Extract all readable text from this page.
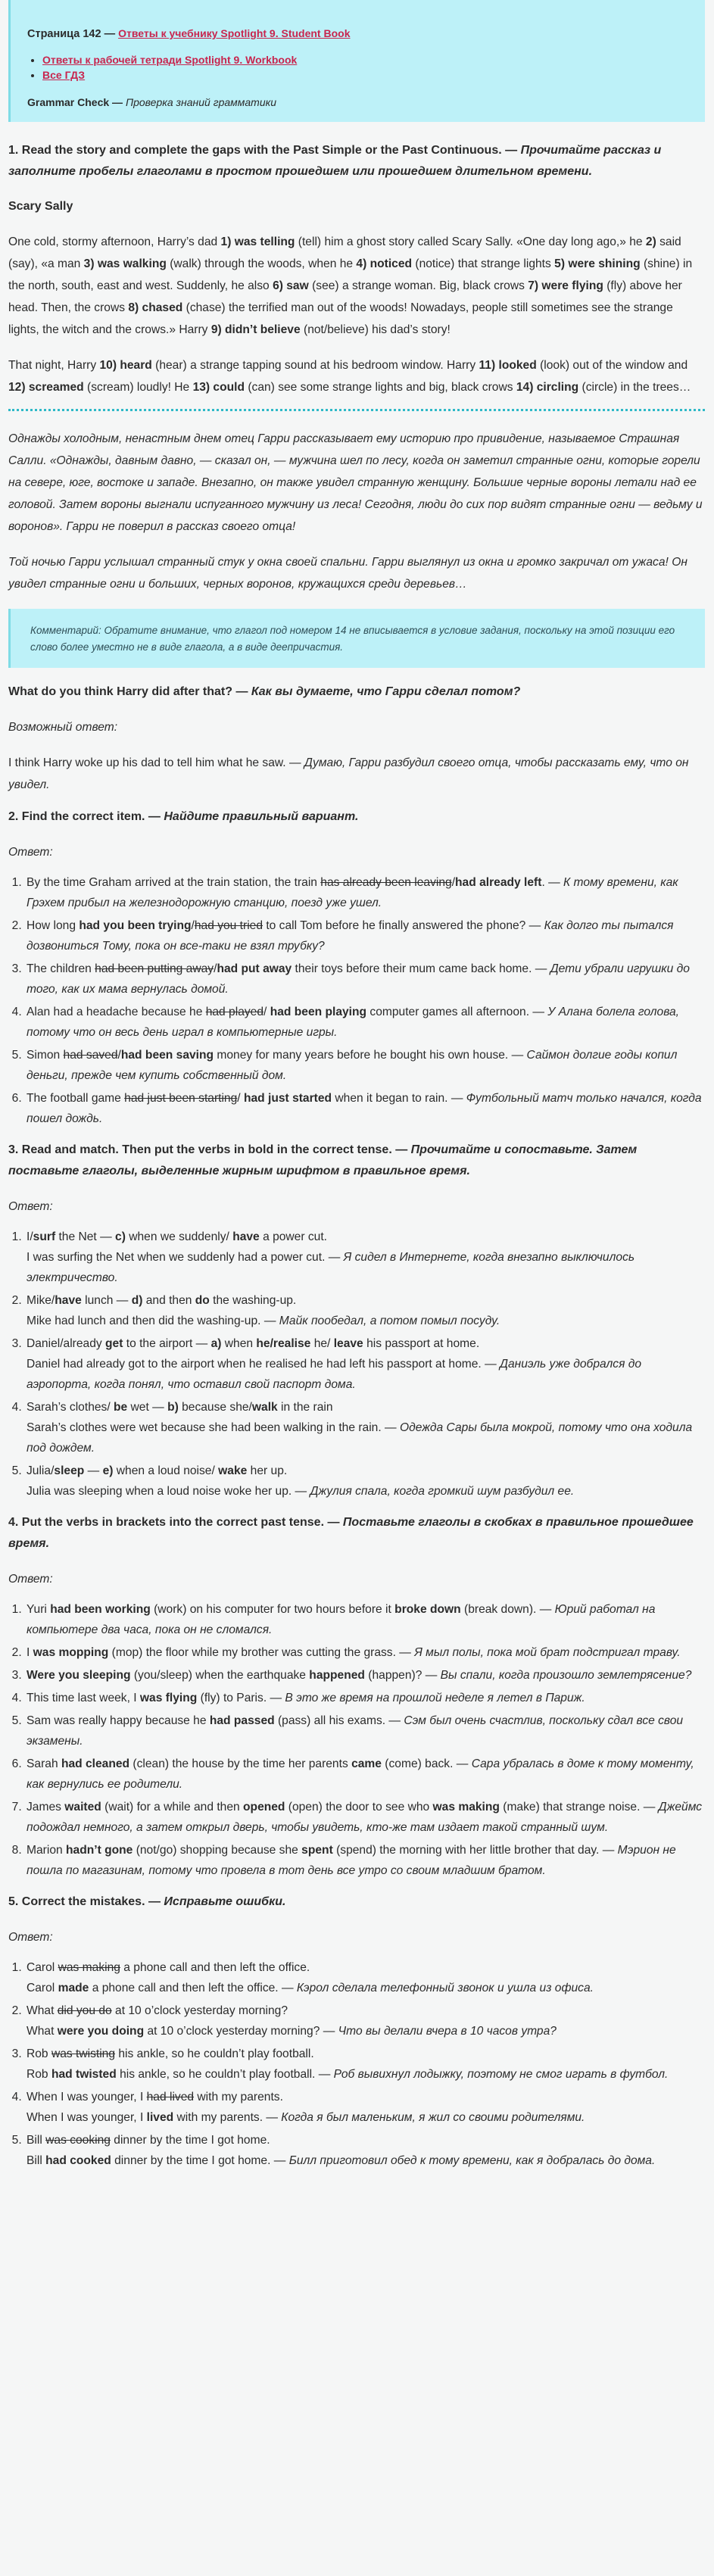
Страница 142 — Ответы к учебнику Spotlight 9. Student Book
• Ответы к рабочей тетради Spotlight 9. Workbook
• Все ГДЗ
Grammar Check — Проверка знаний грамматики
1. Read the story and complete the gaps with the Past Simple or the Past Continuous. — Прочитайте рассказ и заполните пробелы глаголами в простом прошедшем или прошедшем длительном времени.
Scary Sally

One cold, stormy afternoon, Harry’s dad 1) was telling (tell) him a ghost story called Scary Sally. «One day long ago,» he 2) said (say), «a man 3) was walking (walk) through the woods, when he 4) noticed (notice) that strange lights 5) were shining (shine) in the north, south, east and west. Suddenly, he also 6) saw (see) a strange woman. Big, black crows 7) were flying (fly) above her head. Then, the crows 8) chased (chase) the terrified man out of the woods! Nowadays, people still sometimes see the strange lights, the witch and the crows.» Harry 9) didn’t believe (not/believe) his dad’s story!

That night, Harry 10) heard (hear) a strange tapping sound at his bedroom window. Harry 11) looked (look) out of the window and 12) screamed (scream) loudly! He 13) could (can) see some strange lights and big, black crows 14) circling (circle) in the trees…

Однажды холодным, ненастным днем отец Гарри рассказывает ему историю про привидение, называемое Страшная Салли. «Однажды, давным давно, — сказал он, — мужчина шел по лесу, когда он заметил странные огни, которые горели на севере, юге, востоке и западе. Внезапно, он также увидел странную женщину. Большие черные вороны летали над ее головой. Затем вороны выгнали испуганного мужчину из леса! Сегодня, люди до сих пор видят странные огни — ведьму и воронов». Гарри не поверил в рассказ своего отца!

Той ночью Гарри услышал странный стук у окна своей спальни. Гарри выглянул из окна и громко закричал от ужаса! Он увидел странные огни и больших, черных воронов, кружащихся среди деревьев…

Комментарий: Обратите внимание, что глагол под номером 14 не вписывается в условие задания, поскольку на этой позиции его слово более уместно не в виде глагола, а в виде деепричастия.
What do you think Harry did after that? — Как вы думаете, что Гарри сделал потом?

Возможный ответ:

I think Harry woke up his dad to tell him what he saw. — Думаю, Гарри разбудил своего отца, чтобы рассказать ему, что он увидел.

2. Find the correct item. — Найдите правильный вариант.

Ответ:

1. By the time Graham arrived at the train station, the train has already been leaving/had already left. — К тому времени, как Грэхем прибыл на железнодорожную станцию, поезд уже ушел.
2. How long had you been trying/had you tried to call Tom before he finally answered the phone? — Как долго ты пытался дозвониться Тому, пока он все-таки не взял трубку?
3. The children had been putting away/had put away their toys before their mum came back home. — Дети убрали игрушки до того, как их мама вернулась домой.
4. Alan had a headache because he had played/ had been playing computer games all afternoon. — У Алана болела голова, потому что он весь день играл в компьютерные игры.
5. Simon had saved/had been saving money for many years before he bought his own house. — Саймон долгие годы копил деньги, прежде чем купить собственный дом.
6. The football game had just been starting/ had just started when it began to rain. — Футбольный матч только начался, когда пошел дождь.
3. Read and match. Then put the verbs in bold in the correct tense. — Прочитайте и сопоставьте. Затем поставьте глаголы, выделенные жирным шрифтом в правильное время.

Ответ:

1. I/surf the Net — c) when we suddenly/ have a power cut.
I was surfing the Net when we suddenly had a power cut. — Я сидел в Интернете, когда внезапно выключилось электричество.
2. Mike/have lunch — d) and then do the washing-up.
Mike had lunch and then did the washing-up. — Майк пообедал, а потом помыл посуду.
3. Daniel/already get to the airport — a) when he/realise he/ leave his passport at home.
Daniel had already got to the airport when he realised he had left his passport at home. — Даниэль уже добрался до аэропорта, когда понял, что оставил свой паспорт дома.
4. Sarah’s clothes/ be wet — b) because she/walk in the rain
Sarah’s clothes were wet because she had been walking in the rain. — Одежда Сары была мокрой, потому что она ходила под дождем.
5. Julia/sleep — e) when a loud noise/ wake her up.
Julia was sleeping when a loud noise woke her up. — Джулия спала, когда громкий шум разбудил ее.
4. Put the verbs in brackets into the correct past tense. — Поставьте глаголы в скобках в правильное прошедшее время.

Ответ:

1. Yuri had been working (work) on his computer for two hours before it broke down (break down). — Юрий работал на компьютере два часа, пока он не сломался.
2. I was mopping (mop) the floor while my brother was cutting the grass. — Я мыл полы, пока мой брат подстригал траву.
3. Were you sleeping (you/sleep) when the earthquake happened (happen)? — Вы спали, когда произошло землетрясение?
4. This time last week, I was flying (fly) to Paris. — В это же время на прошлой неделе я летел в Париж.
5. Sam was really happy because he had passed (pass) all his exams. — Сэм был очень счастлив, поскольку сдал все свои экзамены.
6. Sarah had cleaned (clean) the house by the time her parents came (come) back. — Сара убралась в доме к тому моменту, как вернулись ее родители.
7. James waited (wait) for a while and then opened (open) the door to see who was making (make) that strange noise. — Джеймс подождал немного, а затем открыл дверь, чтобы увидеть, кто-же там издает такой странный шум.
8. Marion hadn’t gone (not/go) shopping because she spent (spend) the morning with her little brother that day. — Мэрион не пошла по магазинам, потому что провела в тот день все утро со своим младшим братом.
5. Correct the mistakes. — Исправьте ошибки.

Ответ:

1. Carol was making a phone call and then left the office.
Carol made a phone call and then left the office. — Кэрол сделала телефонный звонок и ушла из офиса.
2. What did you do at 10 o’clock yesterday morning?
What were you doing at 10 o’clock yesterday morning? — Что вы делали вчера в 10 часов утра?
3. Rob was twisting his ankle, so he couldn’t play football.
Rob had twisted his ankle, so he couldn’t play football. — Роб вывихнул лодыжку, поэтому не смог играть в футбол.
4. When I was younger, I had lived with my parents.
When I was younger, I lived with my parents. — Когда я был маленьким, я жил со своими родителями.
5. Bill was cooking dinner by the time I got home.
Bill had cooked dinner by the time I got home. — Билл приготовил обед к тому времени, как я добралась до дома.
